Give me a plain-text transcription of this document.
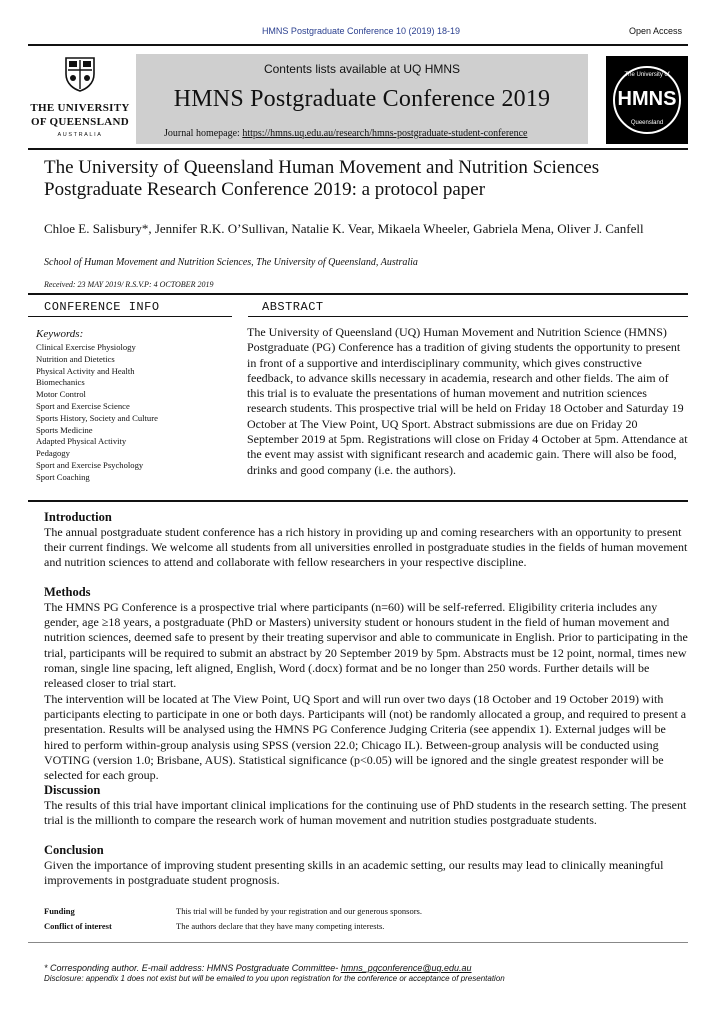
HMNS Postgraduate Conference 10 (2019) 18-19	Open Access
THE UNIVERSITY
OF QUEENSLAND
AUSTRALIA
Contents lists available at UQ HMNS
HMNS Postgraduate Conference 2019
Journal homepage: https://hmns.uq.edu.au/research/hmns-postgraduate-student-conference
The University of
HMNS
Queensland
The University of Queensland Human Movement and Nutrition Sciences Postgraduate Research Conference 2019: a protocol paper
Chloe E. Salisbury*, Jennifer R.K. O’Sullivan, Natalie K. Vear, Mikaela Wheeler, Gabriela Mena, Oliver J. Canfell
School of Human Movement and Nutrition Sciences, The University of Queensland, Australia
Received: 23 MAY 2019/ R.S.V.P: 4 OCTOBER 2019
CONFERENCE INFO	ABSTRACT
Keywords:
Clinical Exercise Physiology
Nutrition and Dietetics
Physical Activity and Health
Biomechanics
Motor Control
Sport and Exercise Science
Sports History, Society and Culture
Sports Medicine
Adapted Physical Activity
Pedagogy
Sport and Exercise Psychology
Sport Coaching

The University of Queensland (UQ) Human Movement and Nutrition Science (HMNS) Postgraduate (PG) Conference has a tradition of giving students the opportunity to present in front of a supportive and interdisciplinary community, which gives constructive feedback, to advance skills necessary in academia, research and other fields. The aim of this trial is to evaluate the presentations of human movement and nutrition sciences research students. This prospective trial will be held on Friday 18 October and Saturday 19 October at The View Point, UQ Sport. Abstract submissions are due on Friday 20 September 2019 at 5pm. Registrations will close on Friday 4 October at 5pm. Attendance at the event may assist with significant research and academic gain. There will also be food, drinks and good company (i.e. the authors).

Introduction

The annual postgraduate student conference has a rich history in providing up and coming researchers with an opportunity to present their current findings. We welcome all students from all universities enrolled in postgraduate studies in the fields of human movement and nutrition sciences to attend and collaborate with fellow researchers in your respective discipline.

Methods

The HMNS PG Conference is a prospective trial where participants (n=60) will be self-referred. Eligibility criteria includes any gender, age ≥18 years, a postgraduate (PhD or Masters) university student or honours student in the field of human movement and nutrition sciences, deemed safe to present by their treating supervisor and able to communicate in English. Prior to participating in the trial, participants will be required to submit an abstract by 20 September 2019 by 5pm. Abstracts must be 12 point, normal, times new roman, single line spacing, left aligned, English, Word (.docx) format and be no longer than 250 words. Further details will be released closer to trial start.

The intervention will be located at The View Point, UQ Sport and will run over two days (18 October and 19 October 2019) with participants electing to participate in one or both days. Participants will (not) be randomly allocated a group, and required to present a presentation. Results will be analysed using the HMNS PG Conference Judging Criteria (see appendix 1). External judges will be hired to perform within-group analysis using SPSS (version 22.0; Chicago IL). Between-group analysis will be conducted using VOTING (version 1.0; Brisbane, AUS). Statistical significance (p<0.05) will be ignored and the single greatest responder will be selected for each group.

Discussion

The results of this trial have important clinical implications for the continuing use of PhD students in the research setting. The present trial is the millionth to compare the research work of human movement and nutrition studies postgraduate students.

Conclusion

Given the importance of improving student presenting skills in an academic setting, our results may lead to clinically meaningful improvements in postgraduate student prognosis.

Funding	This trial will be funded by your registration and our generous sponsors.
Conflict of interest	The authors declare that they have many competing interests.
* Corresponding author. E-mail address: HMNS Postgraduate Committee- hmns_pgconference@uq.edu.au
Disclosure: appendix 1 does not exist but will be emailed to you upon registration for the conference or acceptance of presentation
